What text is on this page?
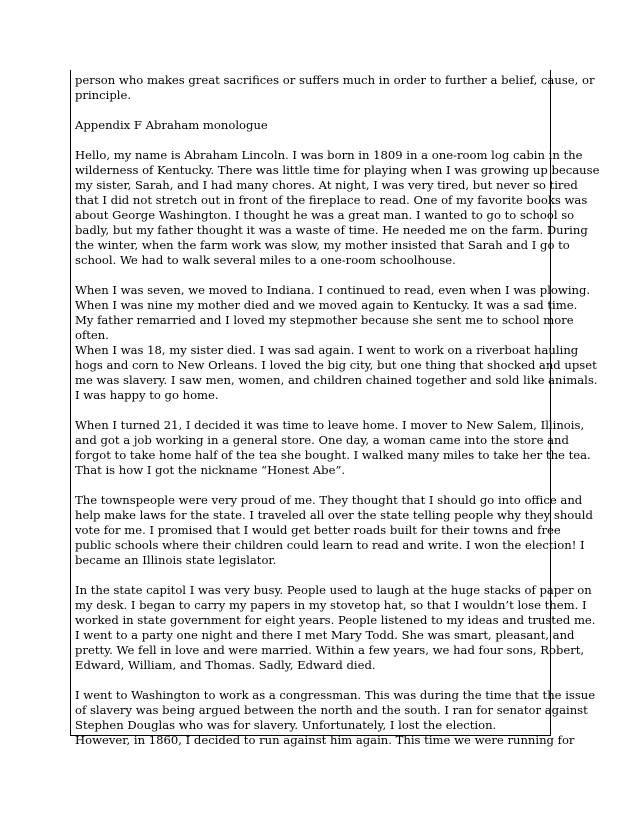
person who makes great sacrifices or suffers much in order to further a belief, cause, or
principle.
Appendix F Abraham monologue
Hello, my name is Abraham Lincoln. I was born in 1809 in a one-room log cabin in the
wilderness of Kentucky. There was little time for playing when I was growing up because
my sister, Sarah, and I had many chores. At night, I was very tired, but never so tired
that I did not stretch out in front of the fireplace to read. One of my favorite books was
about George Washington. I thought he was a great man. I wanted to go to school so
badly, but my father thought it was a waste of time. He needed me on the farm. During
the winter, when the farm work was slow, my mother insisted that Sarah and I go to
school. We had to walk several miles to a one-room schoolhouse.
When I was seven, we moved to Indiana. I continued to read, even when I was plowing.
When I was nine my mother died and we moved again to Kentucky. It was a sad time.
My father remarried and I loved my stepmother because she sent me to school more
often.
When I was 18, my sister died. I was sad again. I went to work on a riverboat hauling
hogs and corn to New Orleans. I loved the big city, but one thing that shocked and upset
me was slavery. I saw men, women, and children chained together and sold like animals.
I was happy to go home.
When I turned 21, I decided it was time to leave home. I mover to New Salem, Illinois,
and got a job working in a general store. One day, a woman came into the store and
forgot to take home half of the tea she bought. I walked many miles to take her the tea.
That is how I got the nickname “Honest Abe”.
The townspeople were very proud of me. They thought that I should go into office and
help make laws for the state. I traveled all over the state telling people why they should
vote for me. I promised that I would get better roads built for their towns and free
public schools where their children could learn to read and write. I won the election! I
became an Illinois state legislator.
In the state capitol I was very busy. People used to laugh at the huge stacks of paper on
my desk. I began to carry my papers in my stovetop hat, so that I wouldn’t lose them. I
worked in state government for eight years. People listened to my ideas and trusted me.
I went to a party one night and there I met Mary Todd. She was smart, pleasant, and
pretty. We fell in love and were married. Within a few years, we had four sons, Robert,
Edward, William, and Thomas. Sadly, Edward died.
I went to Washington to work as a congressman. This was during the time that the issue
of slavery was being argued between the north and the south. I ran for senator against
Stephen Douglas who was for slavery. Unfortunately, I lost the election.
However, in 1860, I decided to run against him again. This time we were running for
